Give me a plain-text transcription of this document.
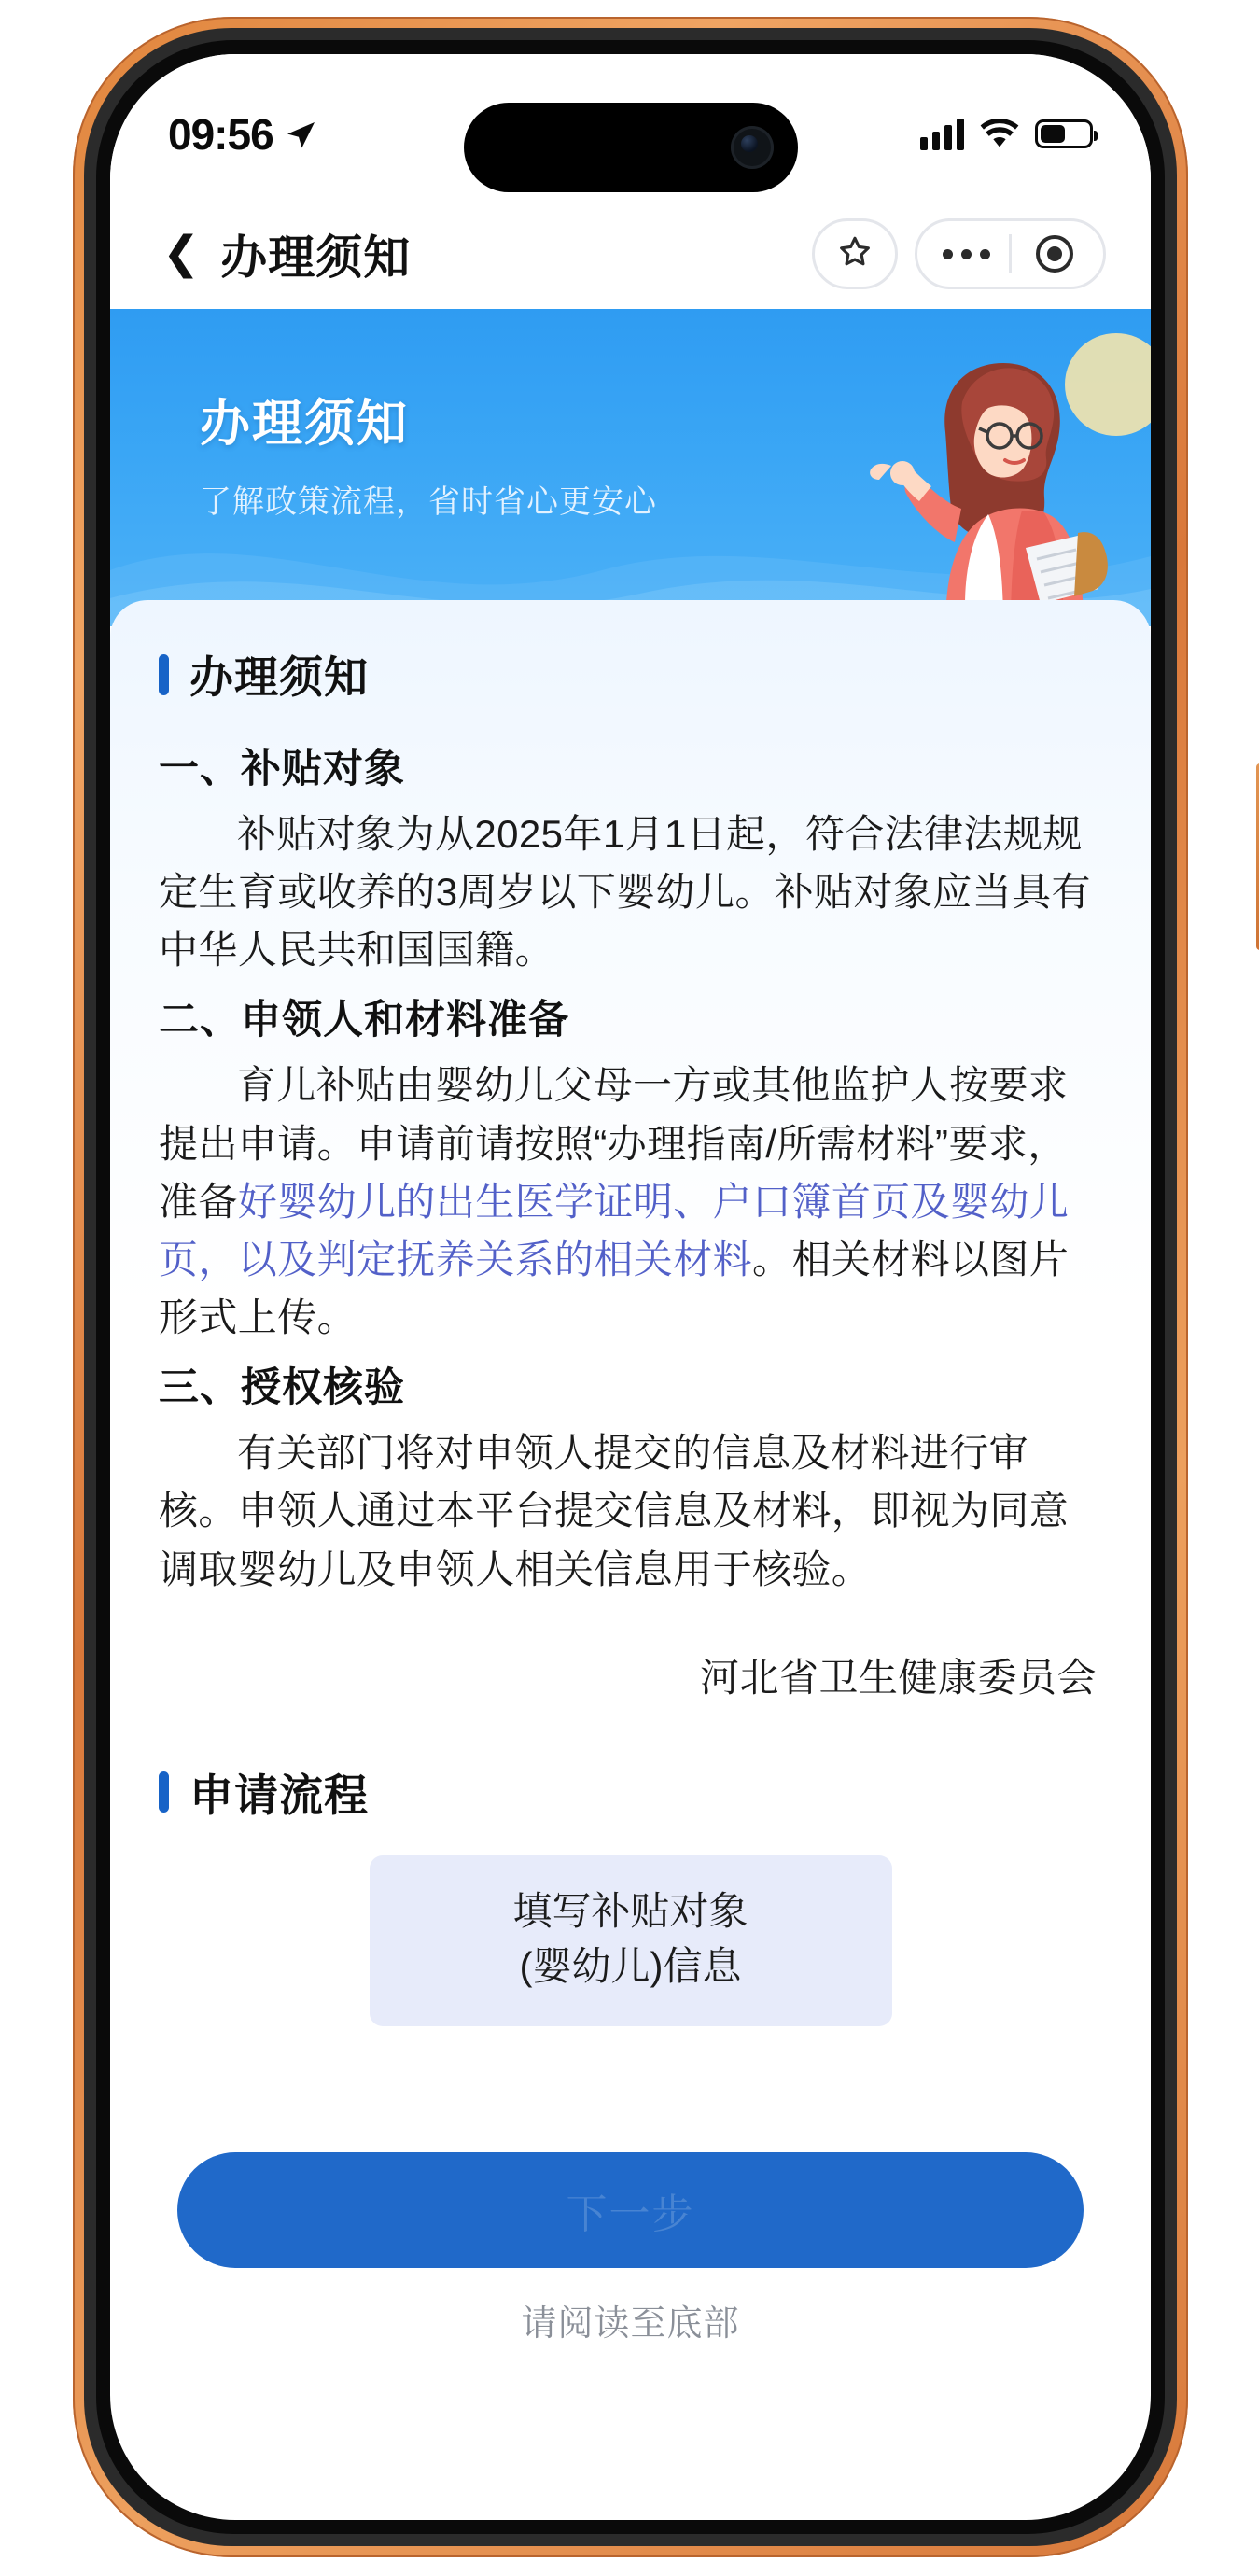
09:56
❮ 办理须知
办理须知
了解政策流程，省时省心更安心
办理须知
一、补贴对象
补贴对象为从2025年1月1日起，符合法律法规规定生育或收养的3周岁以下婴幼儿。补贴对象应当具有中华人民共和国国籍。
二、申领人和材料准备
育儿补贴由婴幼儿父母一方或其他监护人按要求提出申请。申请前请按照“办理指南/所需材料”要求，准备好婴幼儿的出生医学证明、户口簿首页及婴幼儿页，以及判定抚养关系的相关材料。相关材料以图片形式上传。
三、授权核验
有关部门将对申领人提交的信息及材料进行审核。申领人通过本平台提交信息及材料，即视为同意调取婴幼儿及申领人相关信息用于核验。
河北省卫生健康委员会
申请流程
填写补贴对象
(婴幼儿)信息
下一步
请阅读至底部
